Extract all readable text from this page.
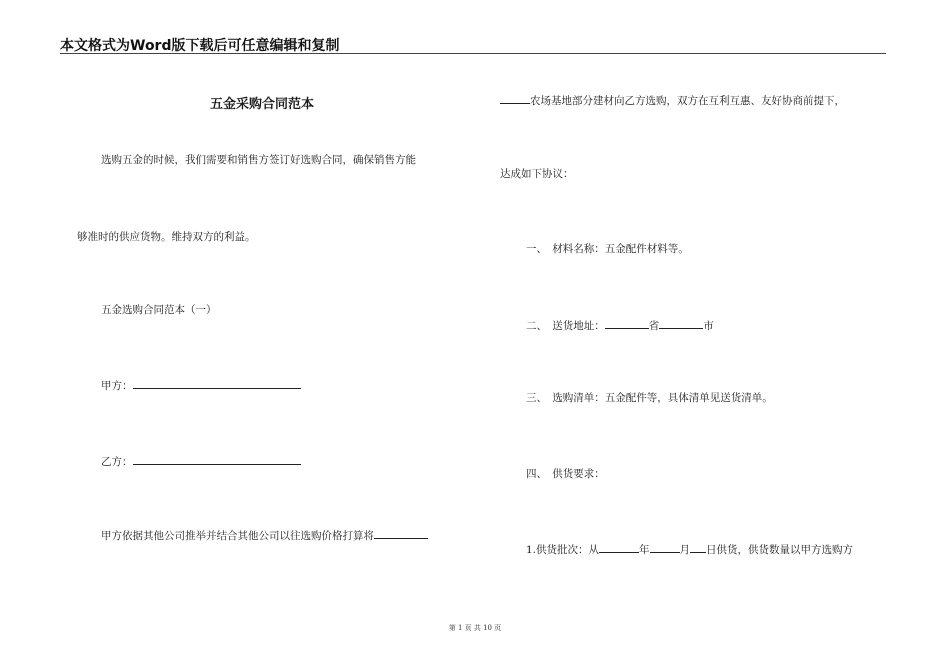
本文格式为Word版下载后可任意编辑和复制
五金采购合同范本
选购五金的时候，我们需要和销售方签订好选购合同，确保销售方能
够准时的供应货物。维持双方的利益。
五金选购合同范本（一）
甲方：
乙方：
甲方依据其他公司推举并结合其他公司以往选购价格打算将
农场基地部分建材向乙方选购，双方在互利互惠、友好协商前提下，
达成如下协议：
一、　材料名称：五金配件材料等。
二、　送货地址：	省	市
三、　选购清单：五金配件等，具体清单见送货清单。
四、　供货要求：
1.供货批次：从	年	月 日供货，供货数量以甲方选购方
第 1 页 共 10 页
